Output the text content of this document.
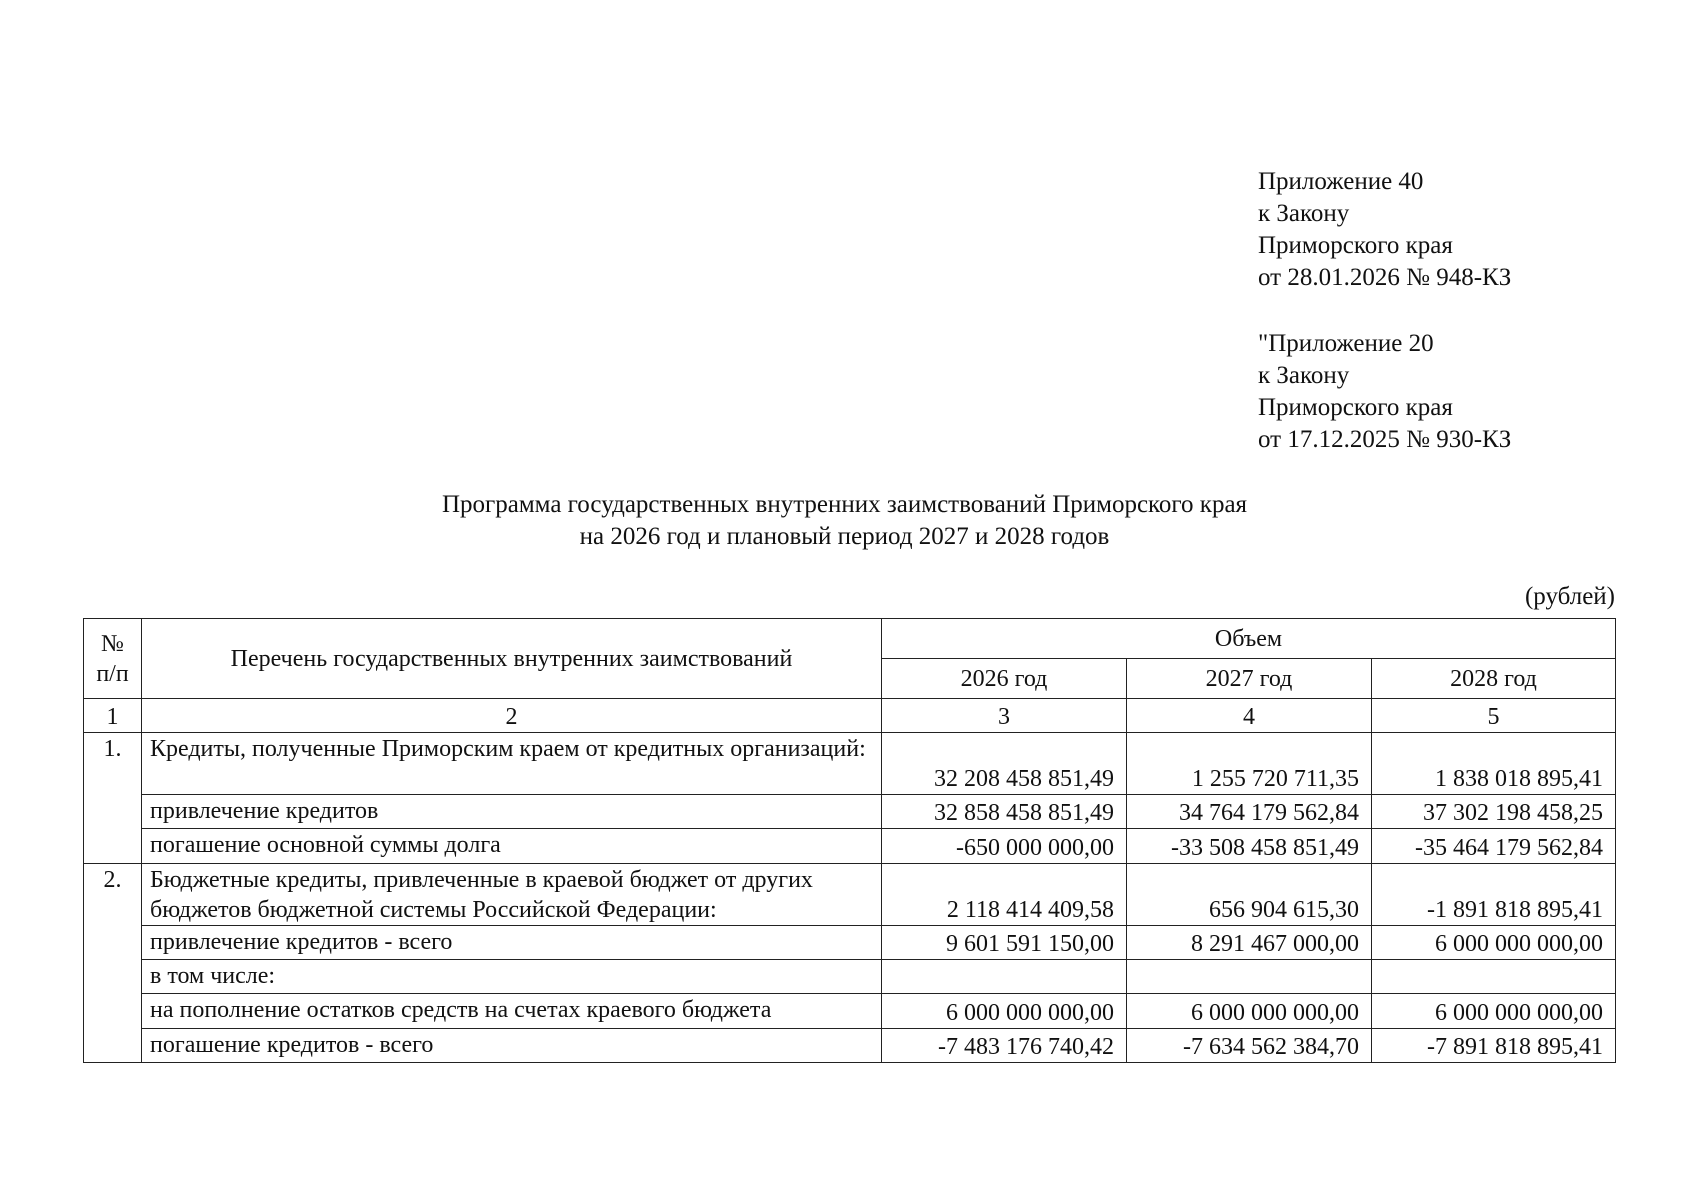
Приложение 40
к Закону
Приморского края
от 28.01.2026 № 948-КЗ
"Приложение 20
к Закону
Приморского края
от 17.12.2025 № 930-КЗ
Программа государственных внутренних заимствований Приморского края
на 2026 год и плановый период 2027 и 2028 годов
(рублей)
№ п/п	Перечень государственных внутренних заимствований	Объем		
		2026 год	2027 год	2028 год
1	2	3	4	5
1.	Кредиты, полученные Приморским краем от кредитных организаций:	32 208 458 851,49	1 255 720 711,35	1 838 018 895,41
	привлечение кредитов	32 858 458 851,49	34 764 179 562,84	37 302 198 458,25
	погашение основной суммы долга	-650 000 000,00	-33 508 458 851,49	-35 464 179 562,84
2.	Бюджетные кредиты, привлеченные в краевой бюджет от других бюджетов бюджетной системы Российской Федерации:	2 118 414 409,58	656 904 615,30	-1 891 818 895,41
	привлечение кредитов - всего	9 601 591 150,00	8 291 467 000,00	6 000 000 000,00
	в том числе:			
	на пополнение остатков средств на счетах краевого бюджета	6 000 000 000,00	6 000 000 000,00	6 000 000 000,00
	погашение кредитов - всего	-7 483 176 740,42	-7 634 562 384,70	-7 891 818 895,41
